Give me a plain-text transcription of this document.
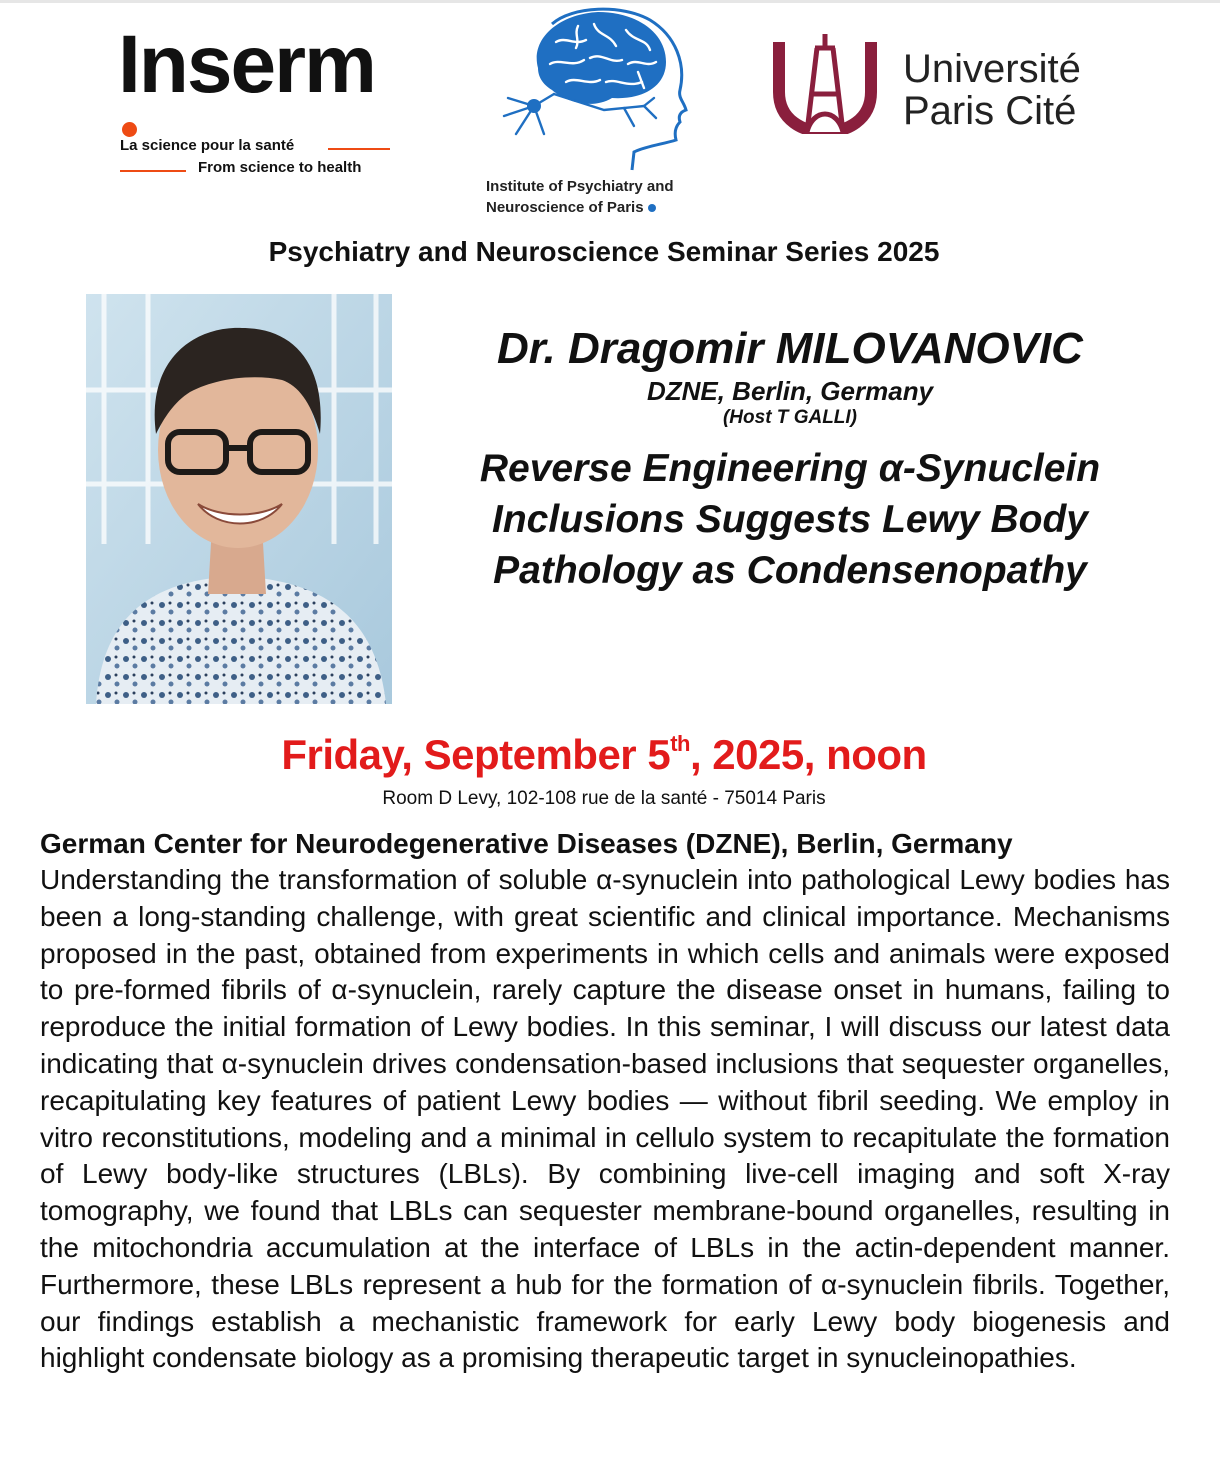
Inserm
La science pour la santé
From science to health
Institute of Psychiatry and
Neuroscience of Paris
Université
Paris Cité
Psychiatry and Neuroscience Seminar Series 2025
Dr. Dragomir MILOVANOVIC
DZNE, Berlin, Germany
(Host T GALLI)
Reverse Engineering α-Synuclein
Inclusions Suggests Lewy Body
Pathology as Condensenopathy
Friday, September 5th, 2025, noon
Room D Levy, 102-108 rue de la santé - 75014 Paris
German Center for Neurodegenerative Diseases (DZNE), Berlin, Germany

Understanding the transformation of soluble α-synuclein into pathological Lewy bodies has been a long-standing challenge, with great scientific and clinical importance. Mechanisms proposed in the past, obtained from experiments in which cells and animals were exposed to pre-formed fibrils of α-synuclein, rarely capture the disease onset in humans, failing to reproduce the initial formation of Lewy bodies. In this seminar, I will discuss our latest data indicating that α-synuclein drives condensation-based inclusions that sequester organelles, recapitulating key features of patient Lewy bodies — without fibril seeding. We employ in vitro reconstitutions, modeling and a minimal in cellulo system to recapitulate the formation of Lewy body-like structures (LBLs). By combining live-cell imaging and soft X-ray tomography, we found that LBLs can sequester membrane-bound organelles, resulting in the mitochondria accumulation at the interface of LBLs in the actin-dependent manner. Furthermore, these LBLs represent a hub for the formation of α-synuclein fibrils. Together, our findings establish a mechanistic framework for early Lewy body biogenesis and highlight condensate biology as a promising therapeutic target in synucleinopathies.
